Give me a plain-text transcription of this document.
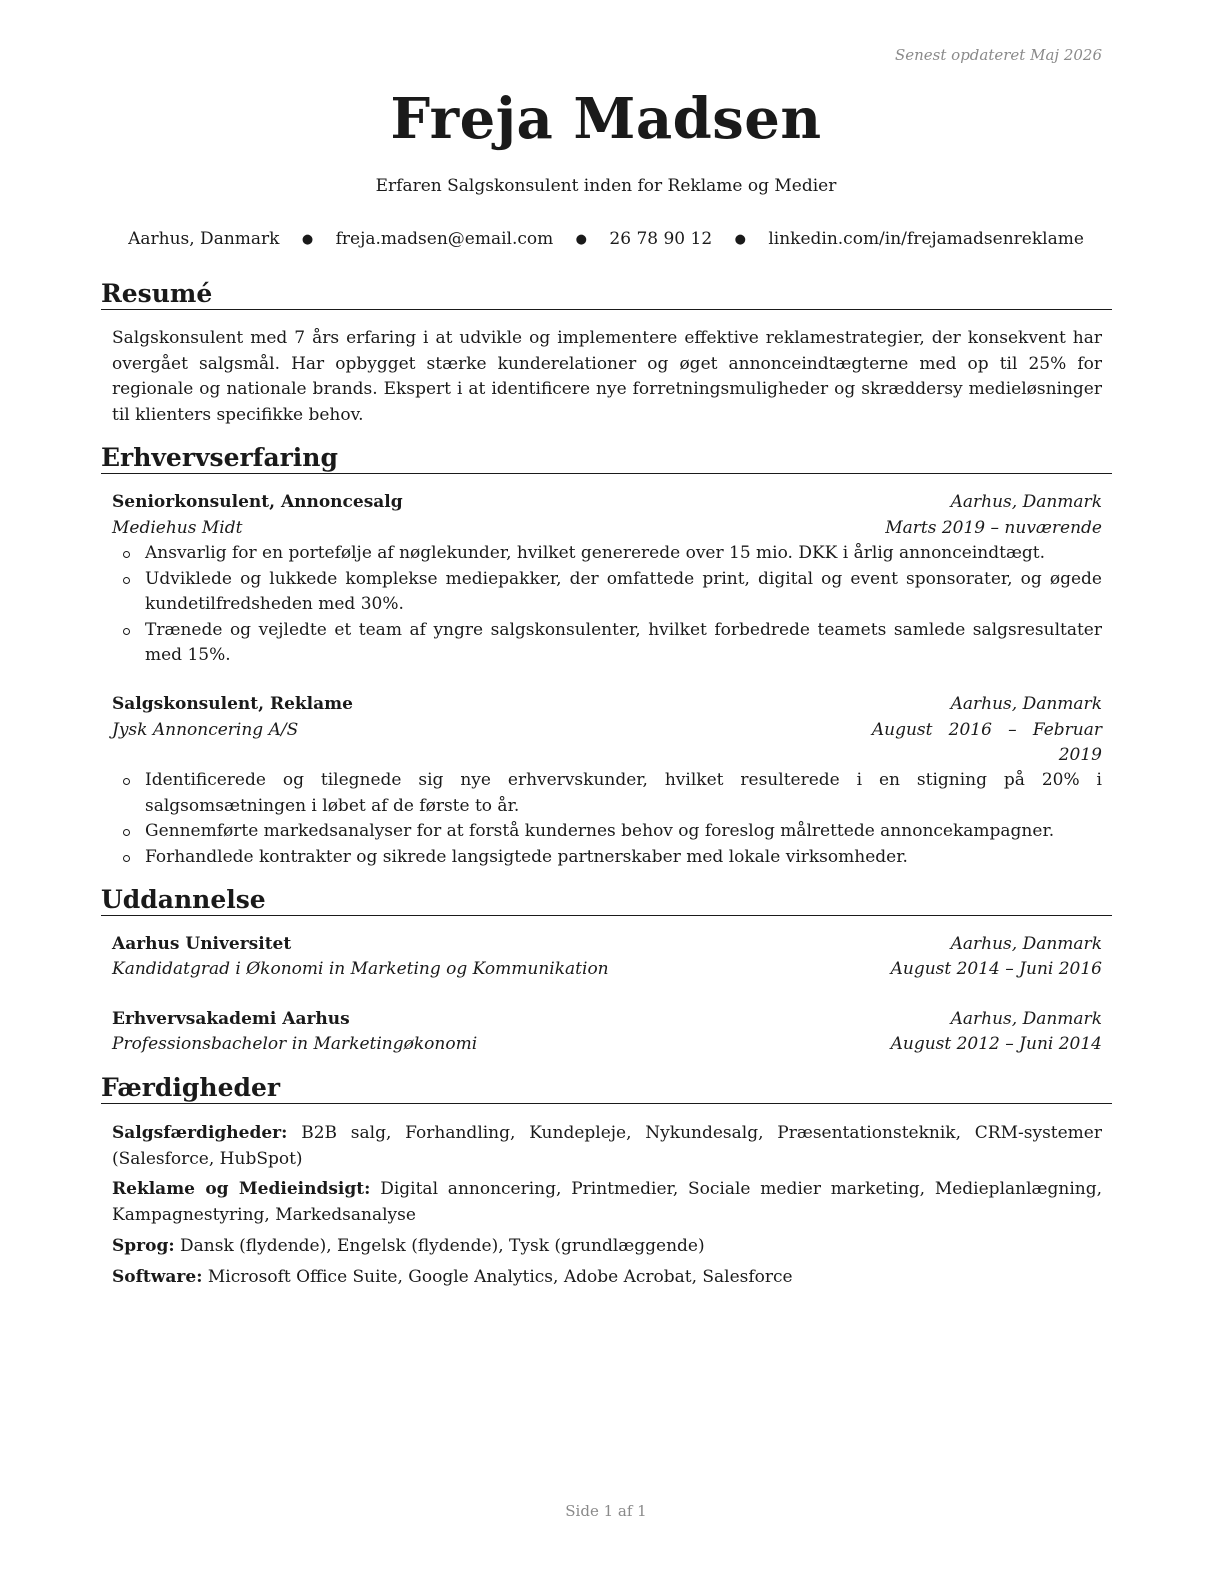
Senest opdateret Maj 2026
Freja Madsen
Erfaren Salgskonsulent inden for Reklame og Medier
Aarhus, Danmark ● freja.madsen@email.com ● 26 78 90 12 ● linkedin.com/in/frejamadsenreklame
Resumé
Salgskonsulent med 7 års erfaring i at udvikle og implementere effektive reklamestrategier, der konsekvent har overgået salgsmål. Har opbygget stærke kunderelationer og øget annonceindtægterne med op til 25% for regionale og nationale brands. Ekspert i at identificere nye forretningsmuligheder og skræddersy medieløsninger til klienters specifikke behov.
Erhvervserfaring
Seniorkonsulent, Annoncesalg	Aarhus, Danmark
Mediehus Midt	Marts 2019 – nuværende
Ansvarlig for en portefølje af nøglekunder, hvilket genererede over 15 mio. DKK i årlig annonceindtægt.
Udviklede og lukkede komplekse mediepakker, der omfattede print, digital og event sponsorater, og øgede kundetilfredsheden med 30%.
Trænede og vejledte et team af yngre salgskonsulenter, hvilket forbedrede teamets samlede salgsresultater med 15%.
Salgskonsulent, Reklame	Aarhus, Danmark
Jysk Annoncering A/S	August   2016   –   Februar
2019
Identificerede og tilegnede sig nye erhvervskunder, hvilket resulterede i en stigning på 20% i salgsomsætningen i løbet af de første to år.
Gennemførte markedsanalyser for at forstå kundernes behov og foreslog målrettede annoncekampagner.
Forhandlede kontrakter og sikrede langsigtede partnerskaber med lokale virksomheder.
Uddannelse
Aarhus Universitet	Aarhus, Danmark
Kandidatgrad i Økonomi in Marketing og Kommunikation	August 2014 – Juni 2016
Erhvervsakademi Aarhus	Aarhus, Danmark
Professionsbachelor in Marketingøkonomi	August 2012 – Juni 2014
Færdigheder
Salgsfærdigheder: B2B salg, Forhandling, Kundepleje, Nykundesalg, Præsentationsteknik, CRM-systemer (Salesforce, HubSpot)
Reklame og Medieindsigt: Digital annoncering, Printmedier, Sociale medier marketing, Medieplanlægning, Kampagnestyring, Markedsanalyse
Sprog: Dansk (flydende), Engelsk (flydende), Tysk (grundlæggende)
Software: Microsoft Office Suite, Google Analytics, Adobe Acrobat, Salesforce
Side 1 af 1
